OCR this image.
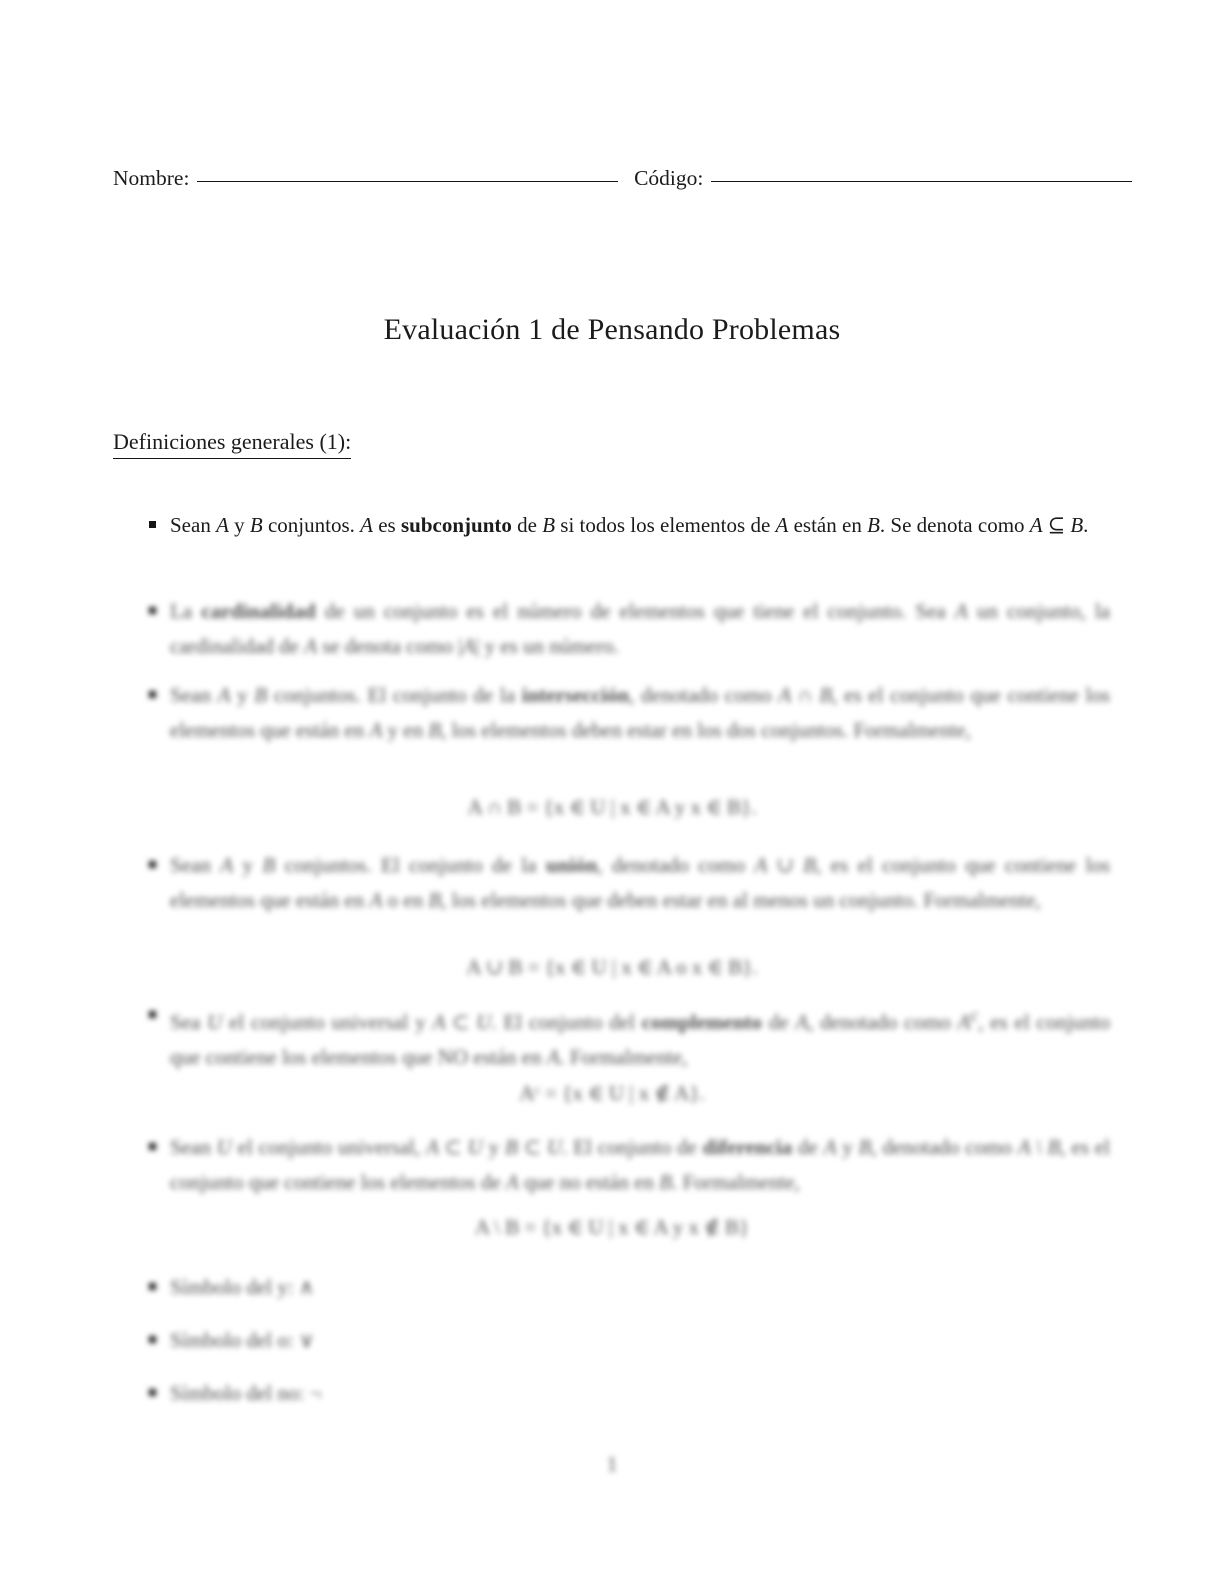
Nombre:	Código:
Evaluación 1 de Pensando Problemas
Definiciones generales (1):
Sean A y B conjuntos. A es subconjunto de B si todos los elementos de A están en B. Se denota como A ⊆ B.
La cardinalidad de un conjunto es el número de elementos que tiene el conjunto. Sea A un conjunto, la cardinalidad de A se denota como |A| y es un número.
Sean A y B conjuntos. El conjunto de la intersección, denotado como A ∩ B, es el conjunto que contiene los elementos que están en A y en B, los elementos deben estar en los dos conjuntos. Formalmente,
A ∩ B = {x ∈ U | x ∈ A y x ∈ B}.
Sean A y B conjuntos. El conjunto de la unión, denotado como A ∪ B, es el conjunto que contiene los elementos que están en A o en B, los elementos que deben estar en al menos un conjunto. Formalmente,
A ∪ B = {x ∈ U | x ∈ A o x ∈ B}.
Sea U el conjunto universal y A ⊂ U. El conjunto del complemento de A, denotado como $A^c$, es el conjunto que contiene los elementos que NO están en A. Formalmente,
Aᶜ = {x ∈ U | x ∉ A}.
Sean U el conjunto universal, A ⊂ U y B ⊂ U. El conjunto de diferencia de A y B, denotado como A \ B, es el conjunto que contiene los elementos de A que no están en B. Formalmente,
A \ B = {x ∈ U | x ∈ A y x ∉ B}
Símbolo del y: ∧
Símbolo del o: ∨
Símbolo del no: ¬
1
